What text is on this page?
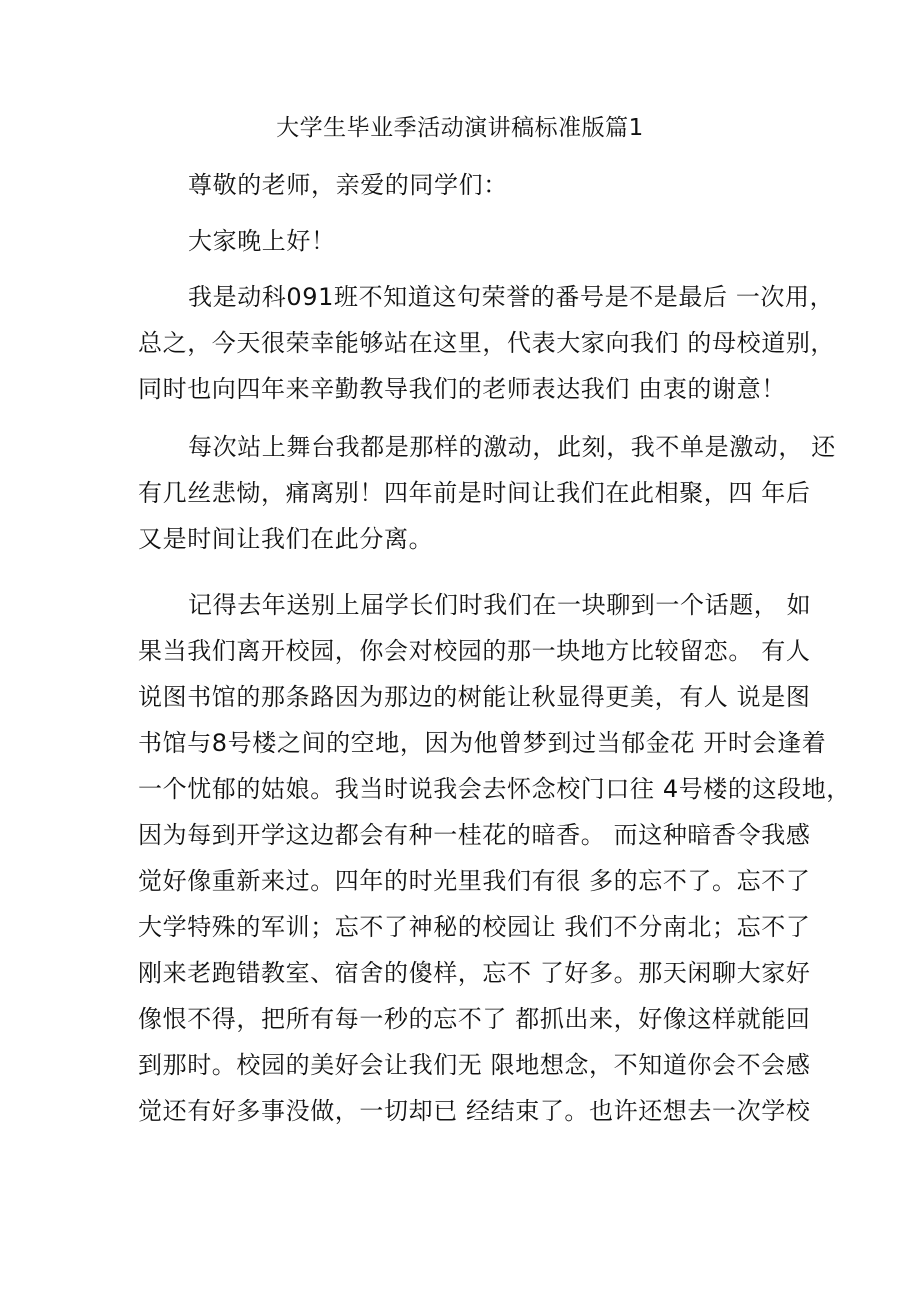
大学生毕业季活动演讲稿标准版篇1
尊敬的老师，亲爱的同学们：
大家晚上好！
我是动科091班不知道这句荣誉的番号是不是最后 一次用，
总之，今天很荣幸能够站在这里，代表大家向我们 的母校道别，
同时也向四年来辛勤教导我们的老师表达我们 由衷的谢意！
每次站上舞台我都是那样的激动，此刻，我不单是激动， 还
有几丝悲恸，痛离别！四年前是时间让我们在此相聚，四 年后
又是时间让我们在此分离。
记得去年送别上届学长们时我们在一块聊到一个话题， 如
果当我们离开校园，你会对校园的那一块地方比较留恋。 有人
说图书馆的那条路因为那边的树能让秋显得更美，有人 说是图
书馆与8号楼之间的空地，因为他曾梦到过当郁金花 开时会逢着
一个忧郁的姑娘。我当时说我会去怀念校门口往 4号楼的这段地，
因为每到开学这边都会有种一桂花的暗香。 而这种暗香令我感
觉好像重新来过。四年的时光里我们有很 多的忘不了。忘不了
大学特殊的军训；忘不了神秘的校园让 我们不分南北；忘不了
刚来老跑错教室、宿舍的傻样，忘不 了好多。那天闲聊大家好
像恨不得，把所有每一秒的忘不了 都抓出来，好像这样就能回
到那时。校园的美好会让我们无 限地想念，不知道你会不会感
觉还有好多事没做，一切却已 经结束了。也许还想去一次学校
